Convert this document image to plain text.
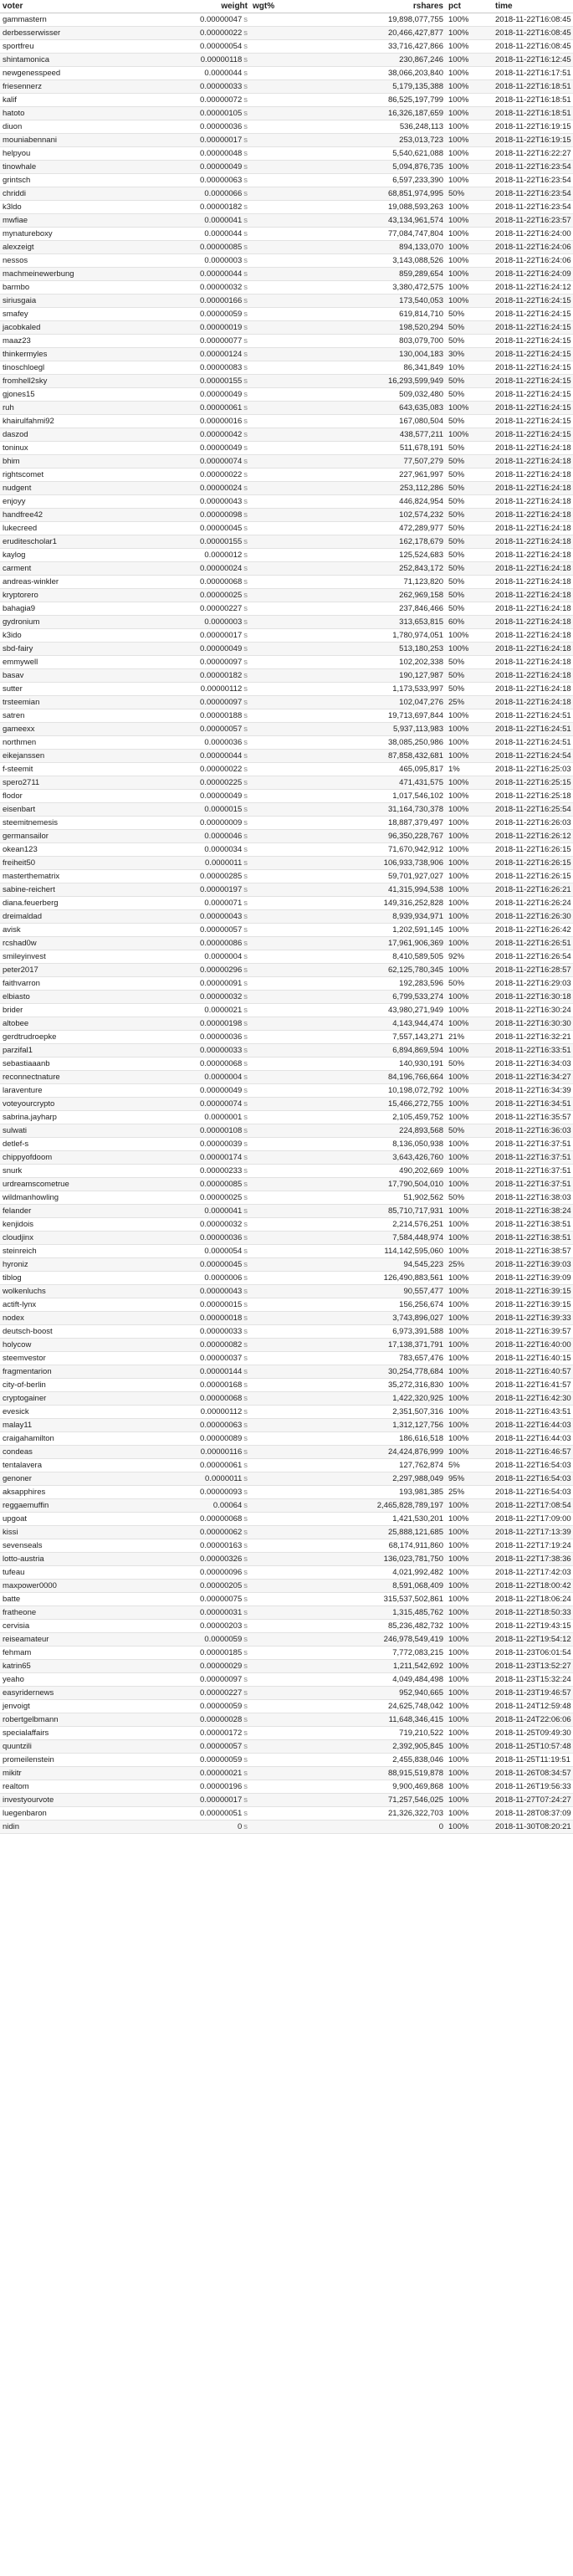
voter	weight	wgt%	rshares	pct	time
gammastern	0.00000047 s		19,898,077,755	100%	2018-11-22T16:08:45
derbesserwisser	0.00000022 s		20,466,427,877	100%	2018-11-22T16:08:45
sportfreu	0.00000054 s		33,716,427,866	100%	2018-11-22T16:08:45
shintamonica	0.00000118 s		230,867,246	100%	2018-11-22T16:12:45
newgenesspeed	0.0000044 s		38,066,203,840	100%	2018-11-22T16:17:51
friesennerz	0.00000033 s		5,179,135,388	100%	2018-11-22T16:18:51
kalif	0.00000072 s		86,525,197,799	100%	2018-11-22T16:18:51
hatoto	0.00000105 s		16,326,187,659	100%	2018-11-22T16:18:51
diuon	0.00000036 s		536,248,113	100%	2018-11-22T16:19:15
mouniabennani	0.00000017 s		253,013,723	100%	2018-11-22T16:19:15
helpyou	0.00000048 s		5,540,621,088	100%	2018-11-22T16:22:27
tinowhale	0.00000049 s		5,094,876,735	100%	2018-11-22T16:23:54
grintsch	0.00000063 s		6,597,233,390	100%	2018-11-22T16:23:54
chriddi	0.0000066 s		68,851,974,995	50%	2018-11-22T16:23:54
k3ldo	0.00000182 s		19,088,593,263	100%	2018-11-22T16:23:54
mwfiae	0.0000041 s		43,134,961,574	100%	2018-11-22T16:23:57
mynatureboxy	0.0000044 s		77,084,747,804	100%	2018-11-22T16:24:00
alexzeigt	0.00000085 s		894,133,070	100%	2018-11-22T16:24:06
nessos	0.0000003 s		3,143,088,526	100%	2018-11-22T16:24:06
machmeinewerbung	0.00000044 s		859,289,654	100%	2018-11-22T16:24:09
barmbo	0.00000032 s		3,380,472,575	100%	2018-11-22T16:24:12
siriusgaia	0.00000166 s		173,540,053	100%	2018-11-22T16:24:15
smafey	0.00000059 s		619,814,710	50%	2018-11-22T16:24:15
jacobkaled	0.00000019 s		198,520,294	50%	2018-11-22T16:24:15
maaz23	0.00000077 s		803,079,700	50%	2018-11-22T16:24:15
thinkermyles	0.00000124 s		130,004,183	30%	2018-11-22T16:24:15
tinoschloegl	0.00000083 s		86,341,849	10%	2018-11-22T16:24:15
fromhell2sky	0.00000155 s		16,293,599,949	50%	2018-11-22T16:24:15
gjones15	0.00000049 s		509,032,480	50%	2018-11-22T16:24:15
ruh	0.00000061 s		643,635,083	100%	2018-11-22T16:24:15
khairulfahmi92	0.00000016 s		167,080,504	50%	2018-11-22T16:24:15
daszod	0.00000042 s		438,577,211	100%	2018-11-22T16:24:15
toninux	0.00000049 s		511,678,191	50%	2018-11-22T16:24:18
bhim	0.00000074 s		77,507,279	50%	2018-11-22T16:24:18
rightscomet	0.00000022 s		227,961,997	50%	2018-11-22T16:24:18
nudgent	0.00000024 s		253,112,286	50%	2018-11-22T16:24:18
enjoyy	0.00000043 s		446,824,954	50%	2018-11-22T16:24:18
handfree42	0.00000098 s		102,574,232	50%	2018-11-22T16:24:18
lukecreed	0.00000045 s		472,289,977	50%	2018-11-22T16:24:18
eruditescholar1	0.00000155 s		162,178,679	50%	2018-11-22T16:24:18
kaylog	0.0000012 s		125,524,683	50%	2018-11-22T16:24:18
carment	0.00000024 s		252,843,172	50%	2018-11-22T16:24:18
andreas-winkler	0.00000068 s		71,123,820	50%	2018-11-22T16:24:18
kryptorero	0.00000025 s		262,969,158	50%	2018-11-22T16:24:18
bahagia9	0.00000227 s		237,846,466	50%	2018-11-22T16:24:18
gydronium	0.0000003 s		313,653,815	60%	2018-11-22T16:24:18
k3ido	0.00000017 s		1,780,974,051	100%	2018-11-22T16:24:18
sbd-fairy	0.00000049 s		513,180,253	100%	2018-11-22T16:24:18
emmywell	0.00000097 s		102,202,338	50%	2018-11-22T16:24:18
basav	0.00000182 s		190,127,987	50%	2018-11-22T16:24:18
sutter	0.00000112 s		1,173,533,997	50%	2018-11-22T16:24:18
trsteemian	0.00000097 s		102,047,276	25%	2018-11-22T16:24:18
satren	0.00000188 s		19,713,697,844	100%	2018-11-22T16:24:51
gameexx	0.00000057 s		5,937,113,983	100%	2018-11-22T16:24:51
northmen	0.0000036 s		38,085,250,986	100%	2018-11-22T16:24:51
eikejanssen	0.00000044 s		87,858,432,681	100%	2018-11-22T16:24:54
f-steemit	0.00000022 s		465,095,817	1%	2018-11-22T16:25:03
spero2711	0.00000225 s		471,431,575	100%	2018-11-22T16:25:15
flodor	0.00000049 s		1,017,546,102	100%	2018-11-22T16:25:18
eisenbart	0.0000015 s		31,164,730,378	100%	2018-11-22T16:25:54
steemitnemesis	0.00000009 s		18,887,379,497	100%	2018-11-22T16:26:03
germansailor	0.0000046 s		96,350,228,767	100%	2018-11-22T16:26:12
okean123	0.0000034 s		71,670,942,912	100%	2018-11-22T16:26:15
freiheit50	0.0000011 s		106,933,738,906	100%	2018-11-22T16:26:15
masterthematrix	0.00000285 s		59,701,927,027	100%	2018-11-22T16:26:15
sabine-reichert	0.00000197 s		41,315,994,538	100%	2018-11-22T16:26:21
diana.feuerberg	0.0000071 s		149,316,252,828	100%	2018-11-22T16:26:24
dreimaldad	0.00000043 s		8,939,934,971	100%	2018-11-22T16:26:30
avisk	0.00000057 s		1,202,591,145	100%	2018-11-22T16:26:42
rcshad0w	0.00000086 s		17,961,906,369	100%	2018-11-22T16:26:51
smileyinvest	0.0000004 s		8,410,589,505	92%	2018-11-22T16:26:54
peter2017	0.00000296 s		62,125,780,345	100%	2018-11-22T16:28:57
faithvarron	0.00000091 s		192,283,596	50%	2018-11-22T16:29:03
elbiasto	0.00000032 s		6,799,533,274	100%	2018-11-22T16:30:18
brider	0.0000021 s		43,980,271,949	100%	2018-11-22T16:30:24
altobee	0.00000198 s		4,143,944,474	100%	2018-11-22T16:30:30
gerdtrudroepke	0.00000036 s		7,557,143,271	21%	2018-11-22T16:32:21
parzifal1	0.00000033 s		6,894,869,594	100%	2018-11-22T16:33:51
sebastiaaanb	0.00000068 s		140,930,191	50%	2018-11-22T16:34:03
reconnectnature	0.0000004 s		84,196,766,664	100%	2018-11-22T16:34:27
laraventure	0.00000049 s		10,198,072,792	100%	2018-11-22T16:34:39
voteyourcrypto	0.00000074 s		15,466,272,755	100%	2018-11-22T16:34:51
sabrina.jayharp	0.0000001 s		2,105,459,752	100%	2018-11-22T16:35:57
sulwati	0.00000108 s		224,893,568	50%	2018-11-22T16:36:03
detlef-s	0.00000039 s		8,136,050,938	100%	2018-11-22T16:37:51
chippyofdoom	0.00000174 s		3,643,426,760	100%	2018-11-22T16:37:51
snurk	0.00000233 s		490,202,669	100%	2018-11-22T16:37:51
urdreamscometrue	0.00000085 s		17,790,504,010	100%	2018-11-22T16:37:51
wildmanhowling	0.00000025 s		51,902,562	50%	2018-11-22T16:38:03
felander	0.0000041 s		85,710,717,931	100%	2018-11-22T16:38:24
kenjidois	0.00000032 s		2,214,576,251	100%	2018-11-22T16:38:51
cloudjinx	0.00000036 s		7,584,448,974	100%	2018-11-22T16:38:51
steinreich	0.0000054 s		114,142,595,060	100%	2018-11-22T16:38:57
hyroniz	0.00000045 s		94,545,223	25%	2018-11-22T16:39:03
tiblog	0.0000006 s		126,490,883,561	100%	2018-11-22T16:39:09
wolkenluchs	0.00000043 s		90,557,477	100%	2018-11-22T16:39:15
actift-lynx	0.00000015 s		156,256,674	100%	2018-11-22T16:39:15
nodex	0.00000018 s		3,743,896,027	100%	2018-11-22T16:39:33
deutsch-boost	0.00000033 s		6,973,391,588	100%	2018-11-22T16:39:57
holycow	0.00000082 s		17,138,371,791	100%	2018-11-22T16:40:00
steemvestor	0.00000037 s		783,657,476	100%	2018-11-22T16:40:15
fragmentarion	0.00000144 s		30,254,778,684	100%	2018-11-22T16:40:57
city-of-berlin	0.00000168 s		35,272,316,830	100%	2018-11-22T16:41:57
cryptogainer	0.00000068 s		1,422,320,925	100%	2018-11-22T16:42:30
evesick	0.00000112 s		2,351,507,316	100%	2018-11-22T16:43:51
malay11	0.00000063 s		1,312,127,756	100%	2018-11-22T16:44:03
craigahamilton	0.00000089 s		186,616,518	100%	2018-11-22T16:44:03
condeas	0.00000116 s		24,424,876,999	100%	2018-11-22T16:46:57
tentalavera	0.00000061 s		127,762,874	5%	2018-11-22T16:54:03
genoner	0.0000011 s		2,297,988,049	95%	2018-11-22T16:54:03
aksapphires	0.00000093 s		193,981,385	25%	2018-11-22T16:54:03
reggaemuffin	0.00064 s		2,465,828,789,197	100%	2018-11-22T17:08:54
upgoat	0.00000068 s		1,421,530,201	100%	2018-11-22T17:09:00
kissi	0.00000062 s		25,888,121,685	100%	2018-11-22T17:13:39
sevenseals	0.00000163 s		68,174,911,860	100%	2018-11-22T17:19:24
lotto-austria	0.00000326 s		136,023,781,750	100%	2018-11-22T17:38:36
tufeau	0.00000096 s		4,021,992,482	100%	2018-11-22T17:42:03
maxpower0000	0.00000205 s		8,591,068,409	100%	2018-11-22T18:00:42
batte	0.00000075 s		315,537,502,861	100%	2018-11-22T18:06:24
fratheone	0.00000031 s		1,315,485,762	100%	2018-11-22T18:50:33
cervisia	0.00000203 s		85,236,482,732	100%	2018-11-22T19:43:15
reiseamateur	0.0000059 s		246,978,549,419	100%	2018-11-22T19:54:12
fehmam	0.00000185 s		7,772,083,215	100%	2018-11-23T06:01:54
katrin65	0.00000029 s		1,211,542,692	100%	2018-11-23T13:52:27
yeaho	0.00000097 s		4,049,484,498	100%	2018-11-23T15:32:24
easyridernews	0.00000227 s		952,940,665	100%	2018-11-23T19:46:57
jenvoigt	0.00000059 s		24,625,748,042	100%	2018-11-24T12:59:48
robertgelbmann	0.00000028 s		11,648,346,415	100%	2018-11-24T22:06:06
specialaffairs	0.00000172 s		719,210,522	100%	2018-11-25T09:49:30
quuntzili	0.00000057 s		2,392,905,845	100%	2018-11-25T10:57:48
promeilenstein	0.00000059 s		2,455,838,046	100%	2018-11-25T11:19:51
mikitr	0.00000021 s		88,915,519,878	100%	2018-11-26T08:34:57
realtom	0.00000196 s		9,900,469,868	100%	2018-11-26T19:56:33
investyourvote	0.00000017 s		71,257,546,025	100%	2018-11-27T07:24:27
luegenbaron	0.00000051 s		21,326,322,703	100%	2018-11-28T08:37:09
nidin	0 s		0	100%	2018-11-30T08:20:21
